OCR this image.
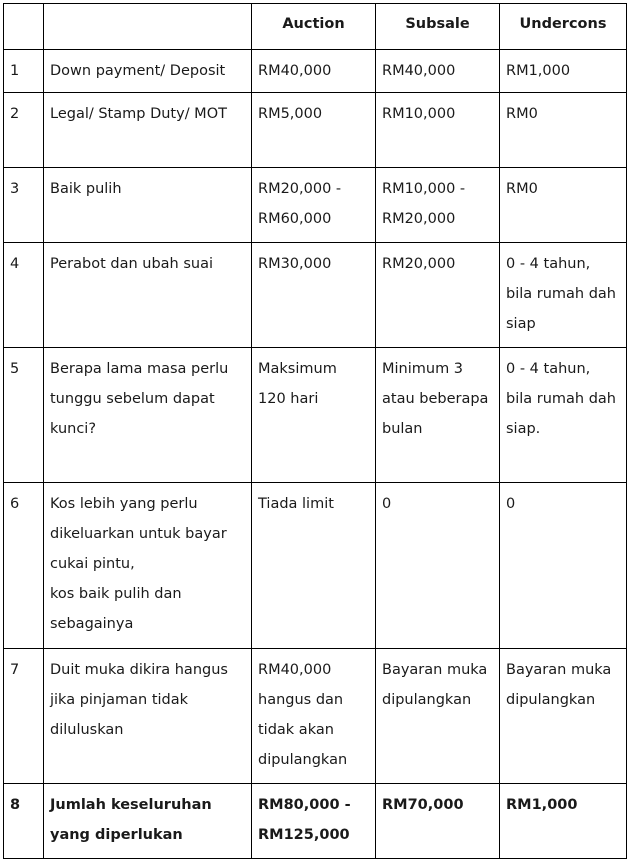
		Auction	Subsale	Undercons
1	Down payment/ Deposit	RM40,000	RM40,000	RM1,000
2	Legal/ Stamp Duty/ MOT	RM5,000	RM10,000	RM0
3	Baik pulih	RM20,000 - RM60,000	RM10,000 - RM20,000	RM0
4	Perabot dan ubah suai	RM30,000	RM20,000	0 - 4 tahun, bila rumah dah siap
5	Berapa lama masa perlu tunggu sebelum dapat kunci?	Maksimum 120 hari	Minimum 3 atau beberapa bulan	0 - 4 tahun, bila rumah dah siap.
6	Kos lebih yang perlu dikeluarkan untuk bayar cukai pintu,
kos baik pulih dan sebagainya	Tiada limit	0	0
7	Duit muka dikira hangus jika pinjaman tidak diluluskan	RM40,000 hangus dan tidak akan dipulangkan	Bayaran muka dipulangkan	Bayaran muka dipulangkan
8	Jumlah keseluruhan yang diperlukan	RM80,000 - RM125,000	RM70,000	RM1,000
